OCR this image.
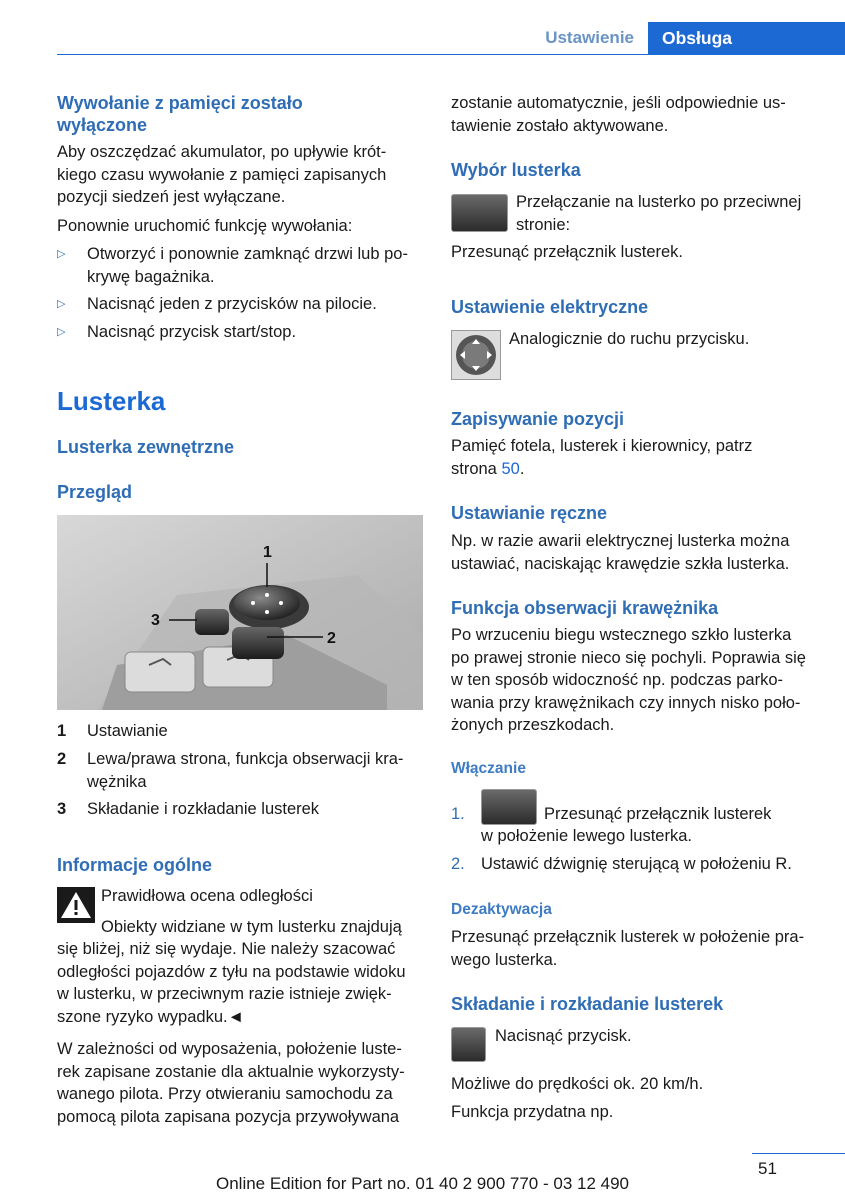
Ustawienie	Obsługa
Wywołanie z pamięci zostało
wyłączone
Aby oszczędzać akumulator, po upływie krót-
kiego czasu wywołanie z pamięci zapisanych
pozycji siedzeń jest wyłączane.
Ponownie uruchomić funkcję wywołania:
▷ Otworzyć i ponownie zamknąć drzwi lub po-
krywę bagażnika.
▷ Nacisnąć jeden z przycisków na pilocie.
▷ Nacisnąć przycisk start/stop.
Lusterka
Lusterka zewnętrzne
Przegląd
1
2
3
1 Ustawianie
2 Lewa/prawa strona, funkcja obserwacji kra-
wężnika
3 Składanie i rozkładanie lusterek
Informacje ogólne
Prawidłowa ocena odległości
Obiekty widziane w tym lusterku znajdują
się bliżej, niż się wydaje. Nie należy szacować
odległości pojazdów z tyłu na podstawie widoku
w lusterku, w przeciwnym razie istnieje zwięk-
szone ryzyko wypadku.◄
W zależności od wyposażenia, położenie luste-
rek zapisane zostanie dla aktualnie wykorzysty-
wanego pilota. Przy otwieraniu samochodu za
pomocą pilota zapisana pozycja przywoływana
zostanie automatycznie, jeśli odpowiednie us-
tawienie zostało aktywowane.
Wybór lusterka
Przełączanie na lusterko po przeciwnej
stronie:
Przesunąć przełącznik lusterek.
Ustawienie elektryczne
Analogicznie do ruchu przycisku.
Zapisywanie pozycji
Pamięć fotela, lusterek i kierownicy, patrz
strona 50.
Ustawianie ręczne
Np. w razie awarii elektrycznej lusterka można
ustawiać, naciskając krawędzie szkła lusterka.
Funkcja obserwacji krawężnika
Po wrzuceniu biegu wstecznego szkło lusterka
po prawej stronie nieco się pochyli. Poprawia się
w ten sposób widoczność np. podczas parko-
wania przy krawężnikach czy innych nisko poło-
żonych przeszkodach.
Włączanie
1.	Przesunąć przełącznik lusterek
w położenie lewego lusterka.
2. Ustawić dźwignię sterującą w położeniu R.
Dezaktywacja
Przesunąć przełącznik lusterek w położenie pra-
wego lusterka.
Składanie i rozkładanie lusterek
Nacisnąć przycisk.
Możliwe do prędkości ok. 20 km/h.
Funkcja przydatna np.
51
Online Edition for Part no. 01 40 2 900 770 - 03 12 490
